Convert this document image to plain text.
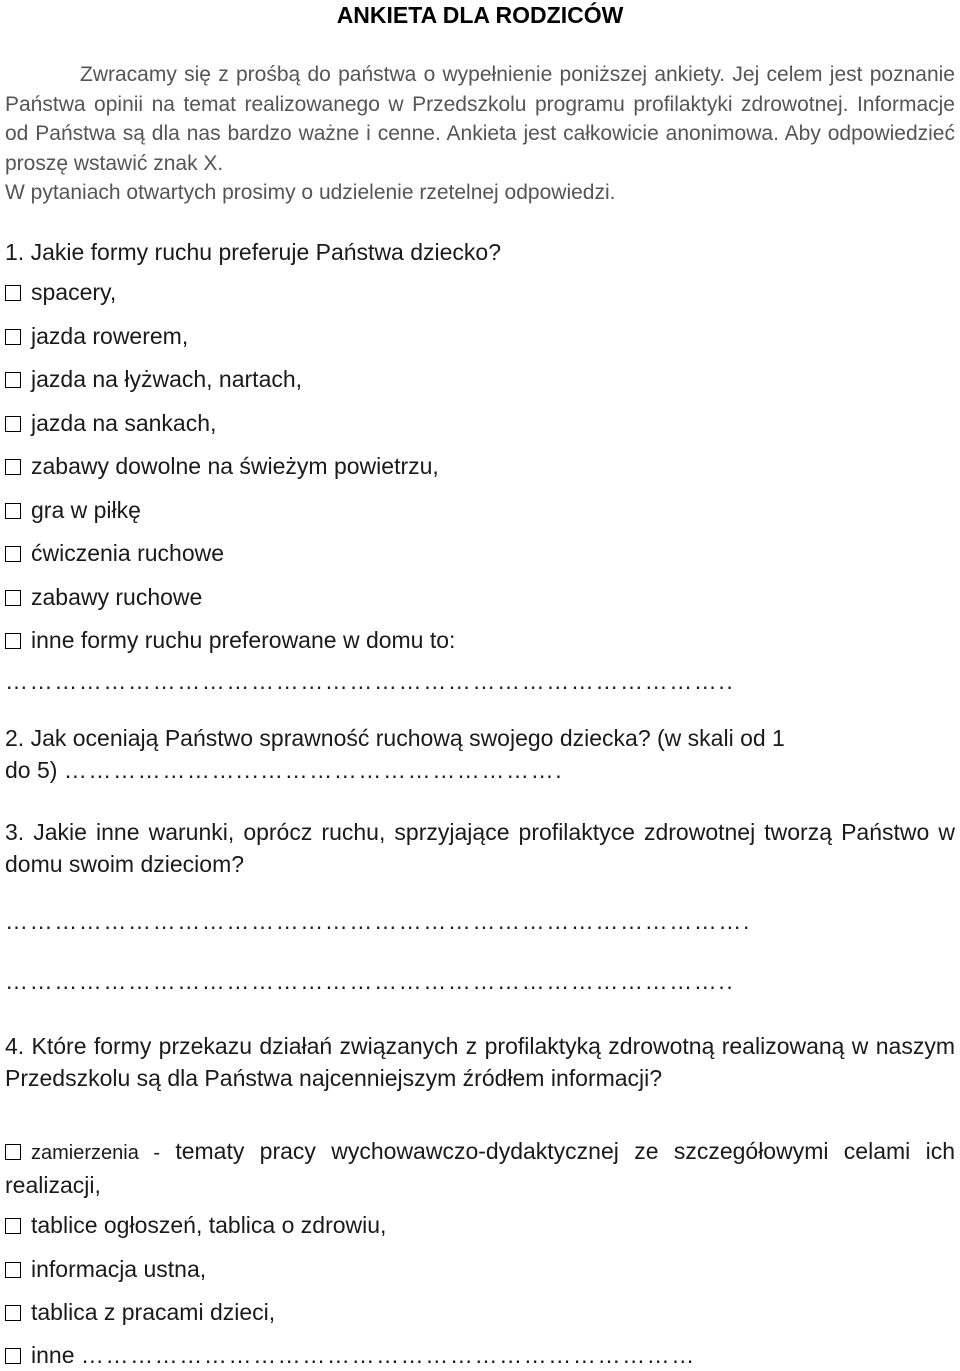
ANKIETA DLA RODZICÓW

Zwracamy się z prośbą do państwa o wypełnienie poniższej ankiety. Jej celem jest poznanie Państwa opinii na temat realizowanego w Przedszkolu programu profilaktyki zdrowotnej. Informacje od Państwa są dla nas bardzo ważne i cenne. Ankieta jest całkowicie anonimowa. Aby odpowiedzieć proszę wstawić znak X.

W pytaniach otwartych prosimy o udzielenie rzetelnej odpowiedzi.

1. Jakie formy ruchu preferuje Państwa dziecko?
spacery,
jazda rowerem,
jazda na łyżwach, nartach,
jazda na sankach,
zabawy dowolne na świeżym powietrzu,
gra w piłkę
ćwiczenia ruchowe
zabawy ruchowe
inne formy ruchu preferowane w domu to:
……………………………………………………………………………..
2. Jak oceniają Państwo sprawność ruchową swojego dziecka? (w skali od 1
do 5) …………………...……………………………….
3. Jakie inne warunki, oprócz ruchu, sprzyjające profilaktyce zdrowotnej tworzą Państwo w domu swoim dzieciom?
……………………………………………………………………………….
……………………………………………………………………………..
4. Które formy przekazu działań związanych z profilaktyką zdrowotną realizowaną w naszym Przedszkolu są dla Państwa najcenniejszym źródłem informacji?
zamierzenia - tematy pracy wychowawczo-dydaktycznej ze szczegółowymi celami ich realizacji,
tablice ogłoszeń, tablica o zdrowiu,
informacja ustna,
tablica z pracami dzieci,
inne …………………………………………………………………
